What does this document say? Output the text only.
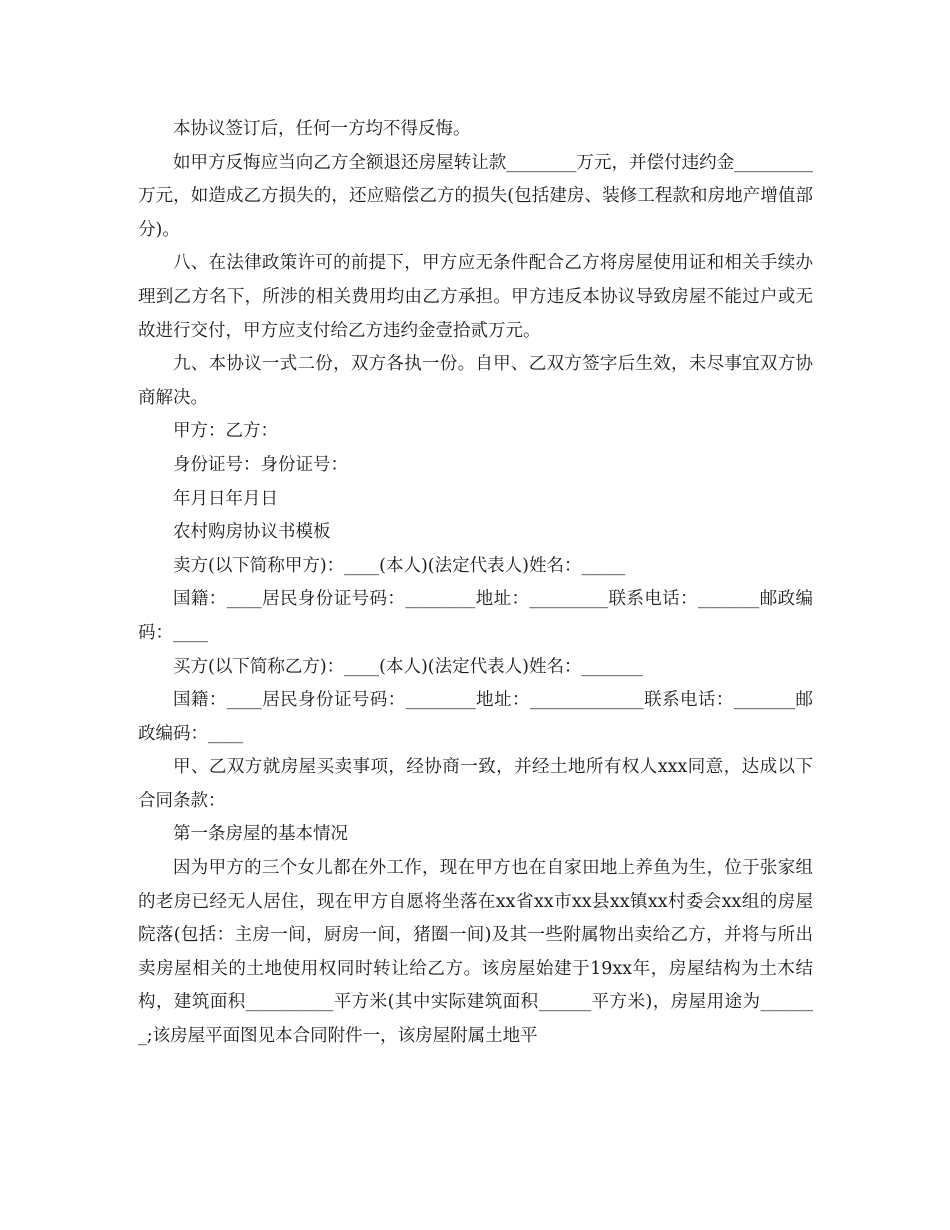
本协议签订后，任何一方均不得反悔。

如甲方反悔应当向乙方全额退还房屋转让款________万元，并偿付违约金_________万元，如造成乙方损失的，还应赔偿乙方的损失(包括建房、装修工程款和房地产增值部分)。

八、在法律政策许可的前提下，甲方应无条件配合乙方将房屋使用证和相关手续办理到乙方名下，所涉的相关费用均由乙方承担。甲方违反本协议导致房屋不能过户或无故进行交付，甲方应支付给乙方违约金壹拾贰万元。

九、本协议一式二份，双方各执一份。自甲、乙双方签字后生效，未尽事宜双方协商解决。

甲方：乙方：

身份证号：身份证号：

年月日年月日

农村购房协议书模板

卖方(以下简称甲方)：____(本人)(法定代表人)姓名：_____

国籍：____居民身份证号码：________地址：_________联系电话：_______邮政编码：____

买方(以下简称乙方)：____(本人)(法定代表人)姓名：_______

国籍：____居民身份证号码：________地址：_____________联系电话：_______邮政编码：____

甲、乙双方就房屋买卖事项，经协商一致，并经土地所有权人xxx同意，达成以下合同条款：

第一条房屋的基本情况

因为甲方的三个女儿都在外工作，现在甲方也在自家田地上养鱼为生，位于张家组的老房已经无人居住，现在甲方自愿将坐落在xx省xx市xx县xx镇xx村委会xx组的房屋院落(包括：主房一间，厨房一间，猪圈一间)及其一些附属物出卖给乙方，并将与所出卖房屋相关的土地使用权同时转让给乙方。该房屋始建于19xx年，房屋结构为土木结构，建筑面积__________平方米(其中实际建筑面积______平方米)，房屋用途为_______;该房屋平面图见本合同附件一，该房屋附属土地平
